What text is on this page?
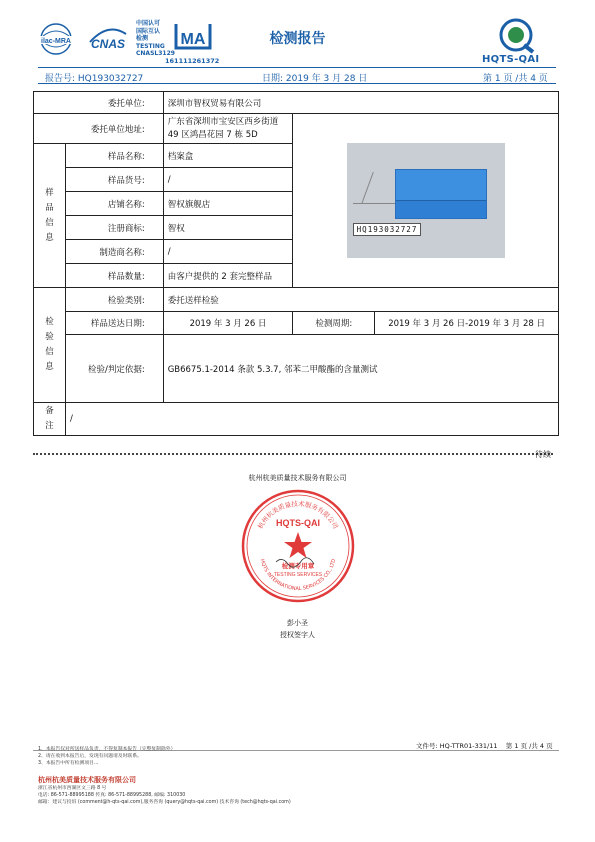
ilac-MRA CNAS
中国认可
国际互认
检测
TESTING
CNASL3129
MA
161111261372
检测报告
HQTS-QAI
报告号: HQ193032727	日期: 2019 年 3 月 28 日	第 1 页 /共 4 页
委托单位:		深圳市智权贸易有限公司		
委托单位地址:		广东省深圳市宝安区西乡街道 49 区鸿昌花园 7 栋 5D	HQ193032727	

样
品
信
息	样品名称:	档案盒		
	样品货号:	/		
	店铺名称:	智权旗舰店		
	注册商标:	智权		
	制造商名称:	/		
	样品数量:	由客户提供的 2 套完整样品		

检
验
信
息	检验类别:	委托送样检验		
	样品送达日期:	2019 年 3 月 26 日	检测周期:	2019 年 3 月 26 日-2019 年 3 月 28 日
	检验/判定依据:	GB6675.1-2014 条款 5.3.7, 邻苯二甲酸酯的含量测试		

备
注	/			
待续
杭州杭美质量技术服务有限公司
杭州杭美质量技术服务有限公司
HQTS INTERNATIONAL SERVICES CO., LTD
HQTS-QAI
检测专用章
TESTING SERVICES
彭小圣
授权签字人
文件号: HQ-TTR01-331/11 第 1 页 /共 4 页
1、本报告仅对所送样品负责，不得复制本报告（完整复制除外）
2、请在收到本报告后，发现有问题请及时联系。
3、本报告中所有检测项目...
杭州杭美质量技术服务有限公司
浙江省杭州市西湖区文三路 8 号
电话: 86-571-88995188 传真: 86-571-88995288, 邮编: 310030
邮箱：建议与投诉 (comment@h-qts-qai.com),服务咨询 (query@hqts-qai.com) 技术咨询 (tech@hqts-qai.com)
